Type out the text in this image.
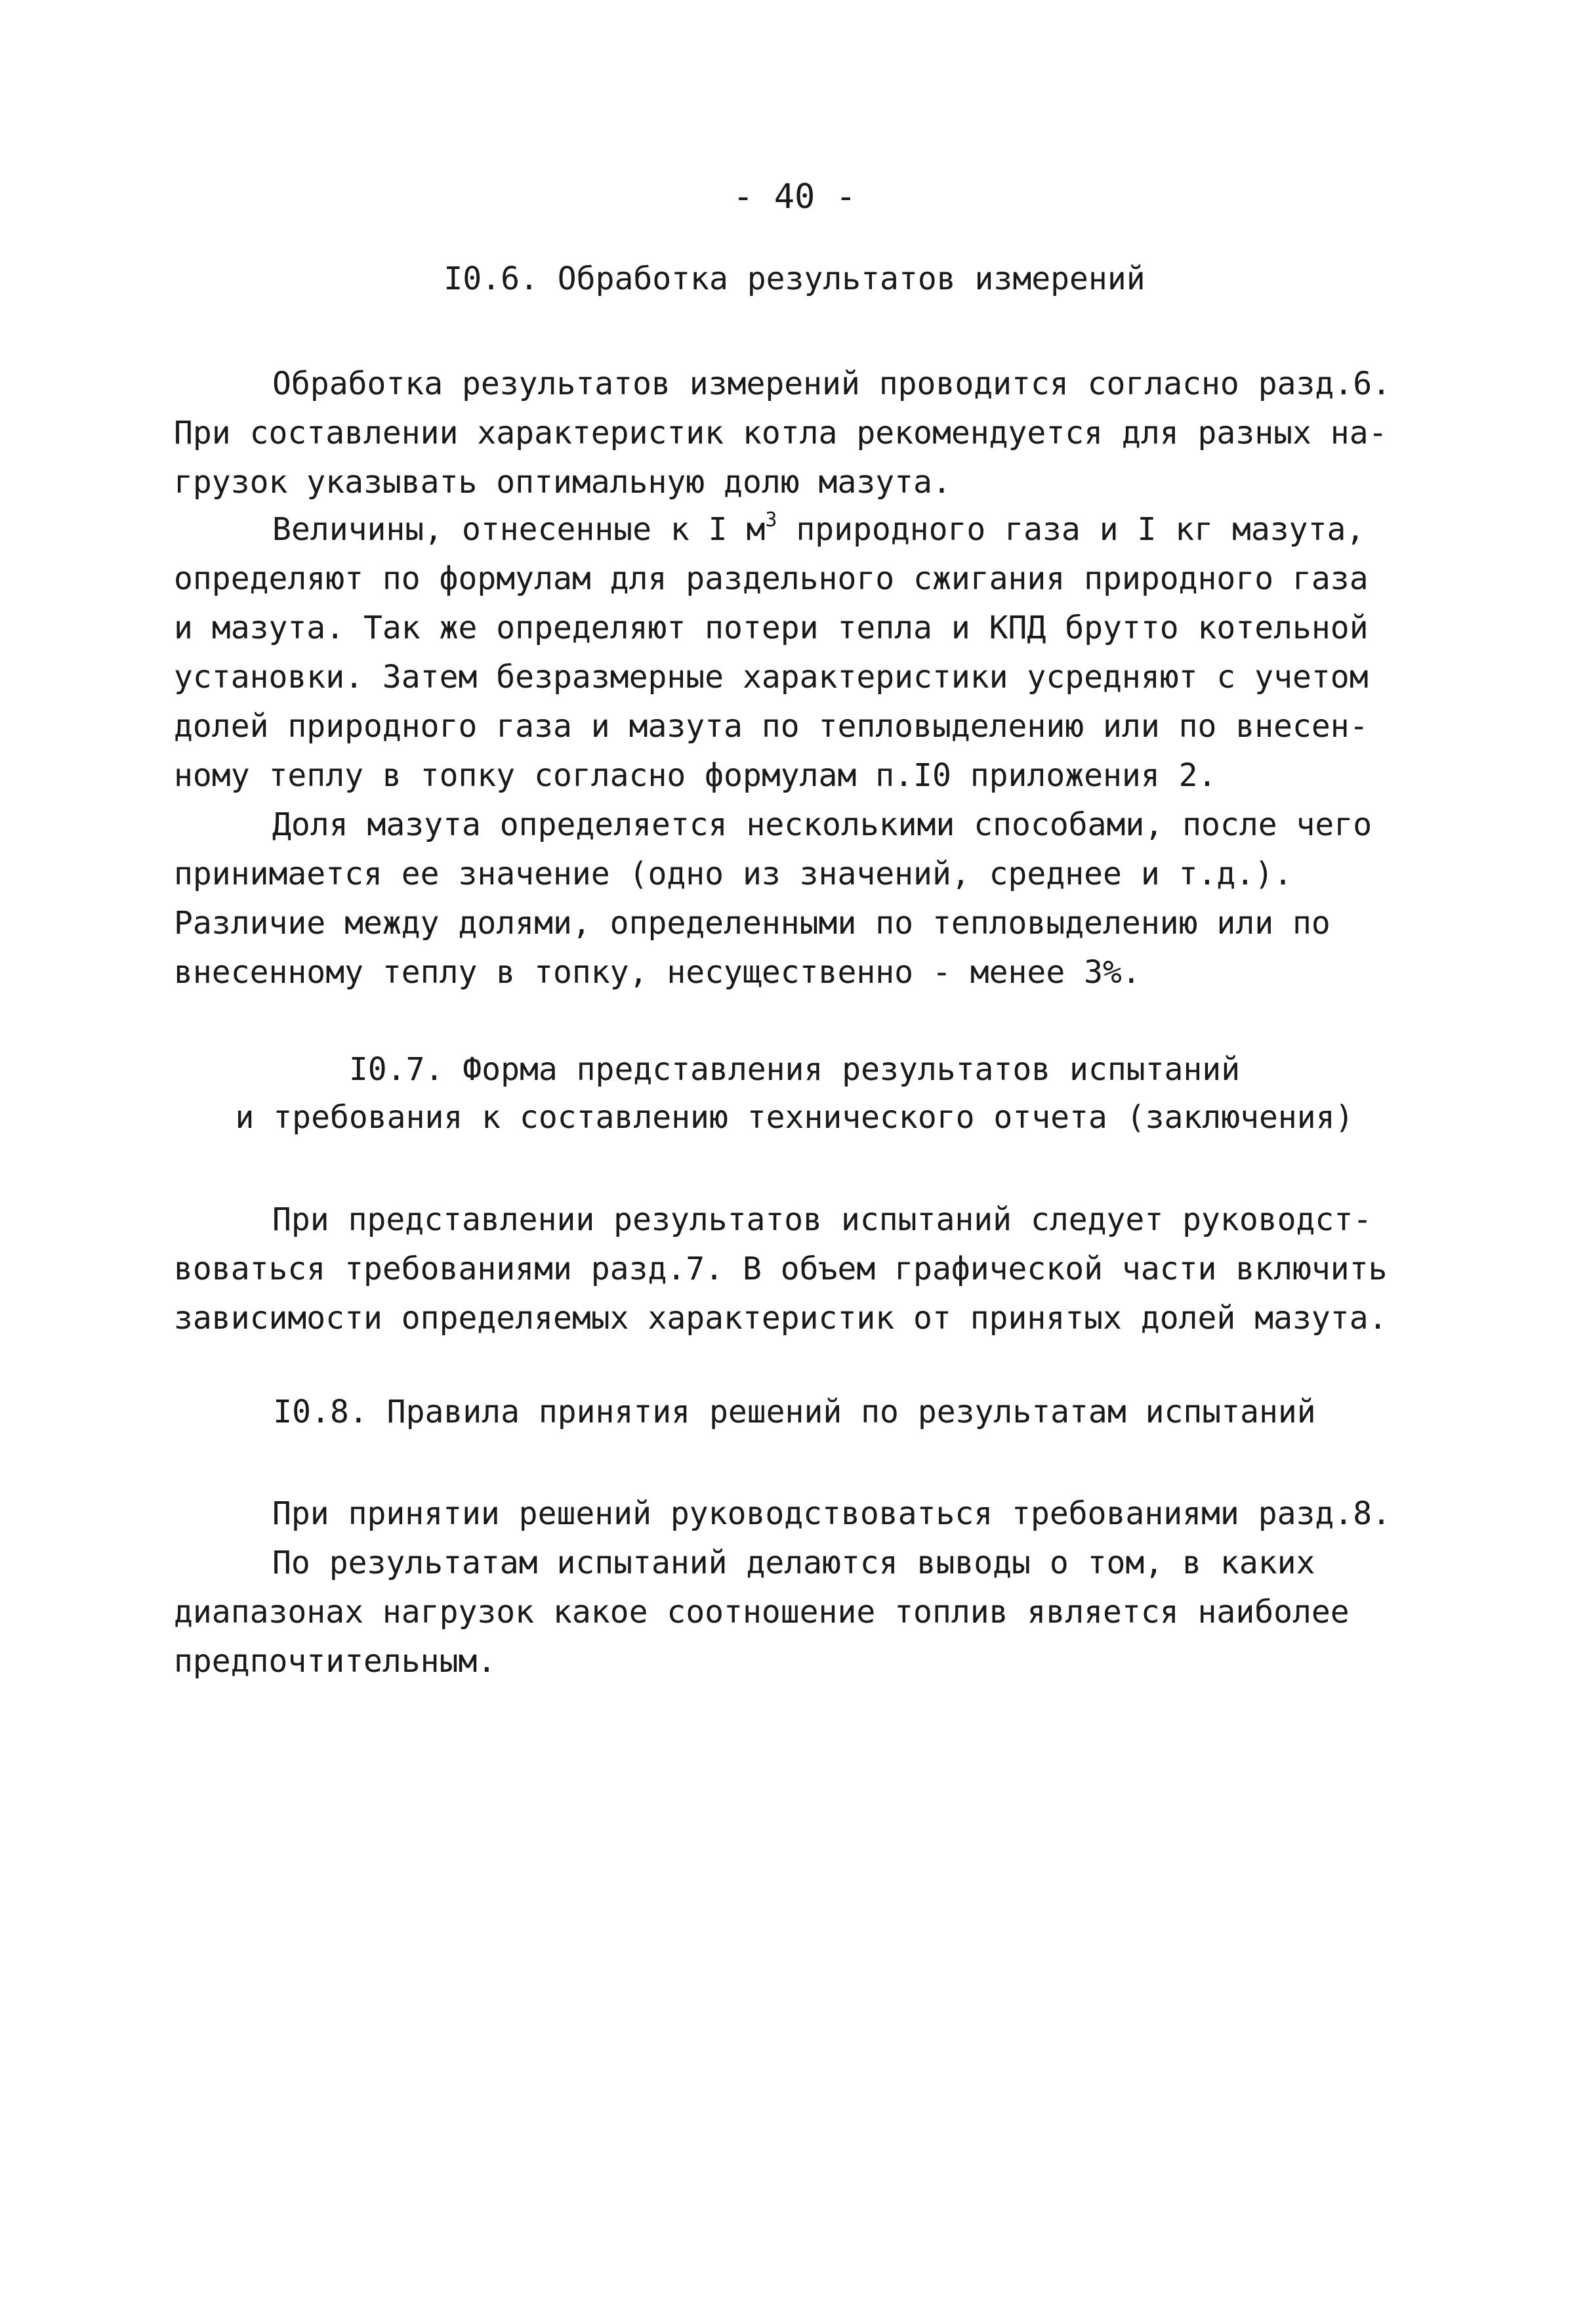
- 40 -
I0.6. Обработка результатов измерений
Обработка результатов измерений проводится согласно разд.6.
При составлении характеристик котла рекомендуется для разных на-
грузок указывать оптимальную долю мазута.
Величины, отнесенные к I $м^3$ природного газа и I кг мазута,
определяют по формулам для раздельного сжигания природного газа
и мазута. Так же определяют потери тепла и КПД брутто котельной
установки. Затем безразмерные характеристики усредняют с учетом
долей природного газа и мазута по тепловыделению или по внесен-
ному теплу в топку согласно формулам п.I0 приложения 2.
Доля мазута определяется несколькими способами, после чего
принимается ее значение (одно из значений, среднее и т.д.).
Различие между долями, определенными по тепловыделению или по
внесенному теплу в топку, несущественно - менее 3%.
I0.7. Форма представления результатов испытаний
и требования к составлению технического отчета (заключения)
При представлении результатов испытаний следует руководст-
воваться требованиями разд.7. В объем графической части включить
зависимости определяемых характеристик от принятых долей мазута.
I0.8. Правила принятия решений по результатам испытаний
При принятии решений руководствоваться требованиями разд.8.
По результатам испытаний делаются выводы о том, в каких
диапазонах нагрузок какое соотношение топлив является наиболее
предпочтительным.
